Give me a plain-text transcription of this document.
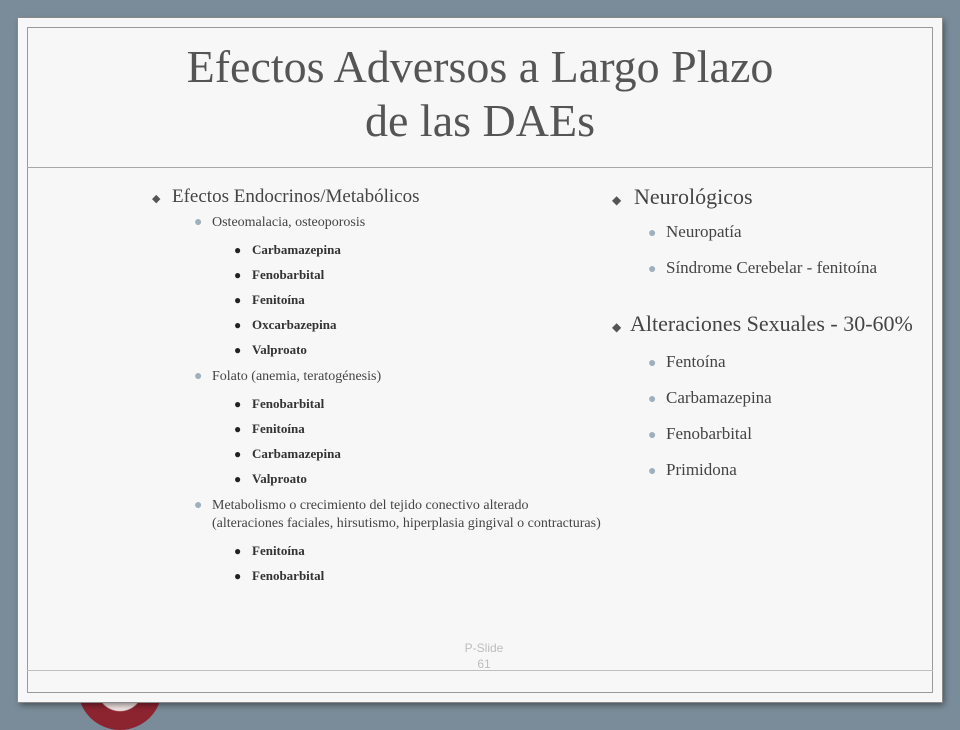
Efectos Adversos a Largo Plazo
de las DAEs
◆ Efectos Endocrinos/Metabólicos
● Osteomalacia, osteoporosis
● Carbamazepina
● Fenobarbital
● Fenitoína
● Oxcarbazepina
● Valproato
● Folato (anemia, teratogénesis)
● Fenobarbital
● Fenitoína
● Carbamazepina
● Valproato
● Metabolismo o crecimiento del tejido conectivo alterado (alteraciones faciales, hirsutismo, hiperplasia gingival o contracturas)
● Fenitoína
● Fenobarbital
◆ Neurológicos
● Neuropatía
● Síndrome Cerebelar - fenitoína
◆ Alteraciones Sexuales - 30-60%
● Fentoína
● Carbamazepina
● Fenobarbital
● Primidona
P-Slide
61
